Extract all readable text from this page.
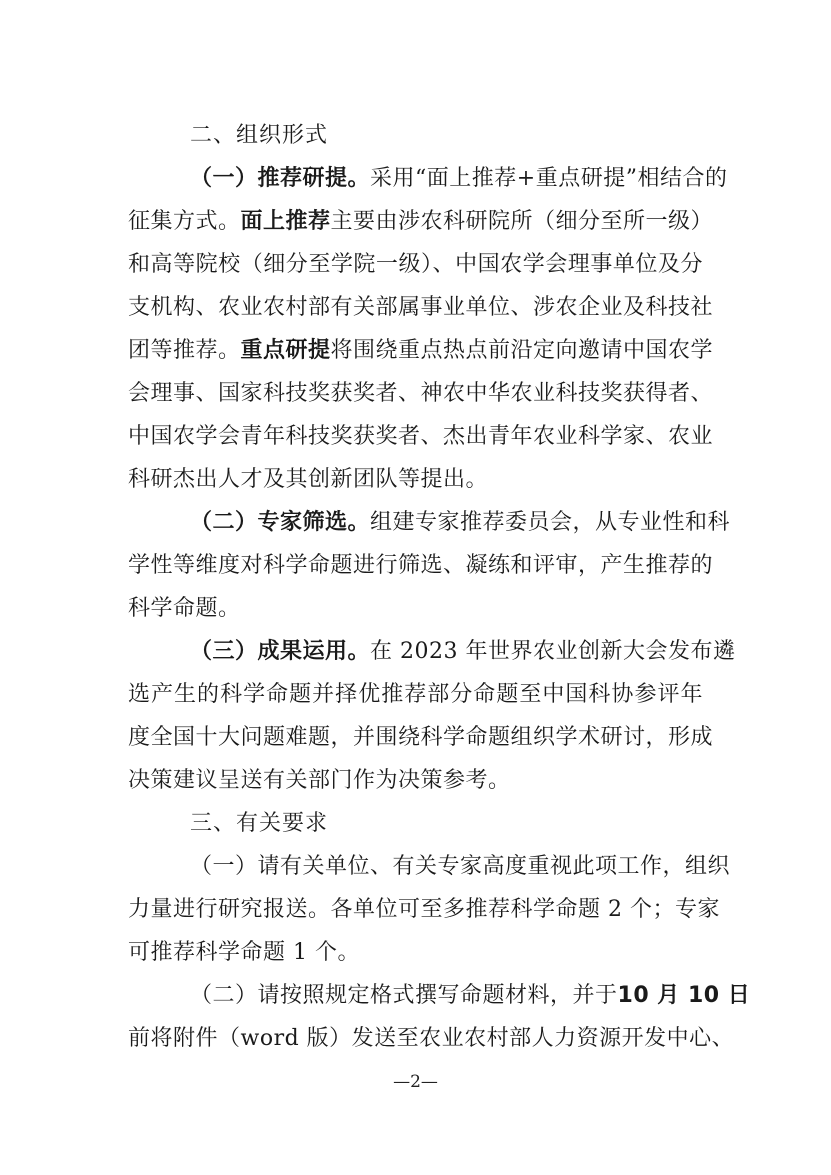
二、组织形式
（一）推荐研提。采用“面上推荐+重点研提”相结合的
征集方式。面上推荐主要由涉农科研院所（细分至所一级）
和高等院校（细分至学院一级）、中国农学会理事单位及分
支机构、农业农村部有关部属事业单位、涉农企业及科技社
团等推荐。重点研提将围绕重点热点前沿定向邀请中国农学
会理事、国家科技奖获奖者、神农中华农业科技奖获得者、
中国农学会青年科技奖获奖者、杰出青年农业科学家、农业
科研杰出人才及其创新团队等提出。
（二）专家筛选。组建专家推荐委员会，从专业性和科
学性等维度对科学命题进行筛选、凝练和评审，产生推荐的
科学命题。
（三）成果运用。在 2023 年世界农业创新大会发布遴
选产生的科学命题并择优推荐部分命题至中国科协参评年
度全国十大问题难题，并围绕科学命题组织学术研讨，形成
决策建议呈送有关部门作为决策参考。
三、有关要求
（一）请有关单位、有关专家高度重视此项工作，组织
力量进行研究报送。各单位可至多推荐科学命题 2 个；专家
可推荐科学命题 1 个。
（二）请按照规定格式撰写命题材料，并于10 月 10 日
前将附件（word 版）发送至农业农村部人力资源开发中心、
—2—
